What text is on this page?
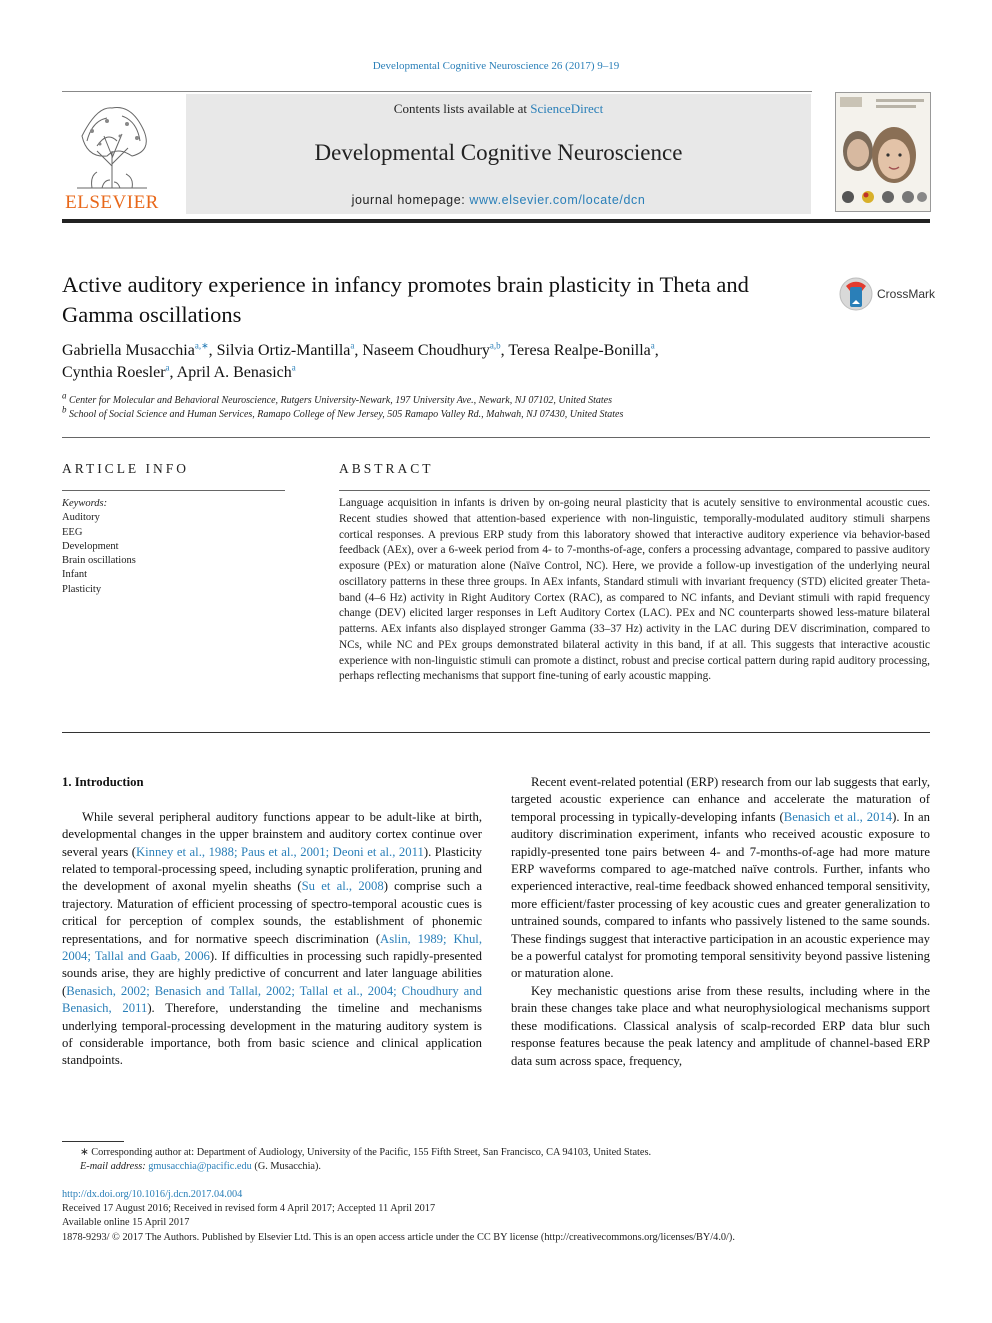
Developmental Cognitive Neuroscience 26 (2017) 9–19
ELSEVIER
Contents lists available at ScienceDirect
Developmental Cognitive Neuroscience
journal homepage: www.elsevier.com/locate/dcn
Active auditory experience in infancy promotes brain plasticity in Theta and Gamma oscillations
CrossMark
Gabriella Musacchia$^{a,∗}$, Silvia Ortiz-Mantilla$^a$, Naseem Choudhury$^{a,b}$, Teresa Realpe-Bonilla$^a$,
Cynthia Roesler$^a$, April A. Benasich$^a$
$^a$ Center for Molecular and Behavioral Neuroscience, Rutgers University-Newark, 197 University Ave., Newark, NJ 07102, United States
$^b$ School of Social Science and Human Services, Ramapo College of New Jersey, 505 Ramapo Valley Rd., Mahwah, NJ 07430, United States
ARTICLE INFO
Keywords:
Auditory
EEG
Development
Brain oscillations
Infant
Plasticity
ABSTRACT
Language acquisition in infants is driven by on-going neural plasticity that is acutely sensitive to environmental acoustic cues. Recent studies showed that attention-based experience with non-linguistic, temporally-modulated auditory stimuli sharpens cortical responses. A previous ERP study from this laboratory showed that interactive auditory experience via behavior-based feedback (AEx), over a 6-week period from 4- to 7-months-of-age, confers a processing advantage, compared to passive auditory exposure (PEx) or maturation alone (Naïve Control, NC). Here, we provide a follow-up investigation of the underlying neural oscillatory patterns in these three groups. In AEx infants, Standard stimuli with invariant frequency (STD) elicited greater Theta-band (4–6 Hz) activity in Right Auditory Cortex (RAC), as compared to NC infants, and Deviant stimuli with rapid frequency change (DEV) elicited larger responses in Left Auditory Cortex (LAC). PEx and NC counterparts showed less-mature bilateral patterns. AEx infants also displayed stronger Gamma (33–37 Hz) activity in the LAC during DEV discrimination, compared to NCs, while NC and PEx groups demonstrated bilateral activity in this band, if at all. This suggests that interactive acoustic experience with non-linguistic stimuli can promote a distinct, robust and precise cortical pattern during rapid auditory processing, perhaps reflecting mechanisms that support fine-tuning of early acoustic mapping.
1. Introduction

While several peripheral auditory functions appear to be adult-like at birth, developmental changes in the upper brainstem and auditory cortex continue over several years (Kinney et al., 1988; Paus et al., 2001; Deoni et al., 2011). Plasticity related to temporal-processing speed, including synaptic proliferation, pruning and the development of axonal myelin sheaths (Su et al., 2008) comprise such a trajectory. Maturation of efficient processing of spectro-temporal acoustic cues is critical for perception of complex sounds, the establishment of phonemic representations, and for normative speech discrimination (Aslin, 1989; Khul, 2004; Tallal and Gaab, 2006). If difficulties in processing such rapidly-presented sounds arise, they are highly predictive of concurrent and later language abilities (Benasich, 2002; Benasich and Tallal, 2002; Tallal et al., 2004; Choudhury and Benasich, 2011). Therefore, understanding the timeline and mechanisms underlying temporal-processing development in the maturing auditory system is of considerable importance, both from basic science and clinical application standpoints.

Recent event-related potential (ERP) research from our lab suggests that early, targeted acoustic experience can enhance and accelerate the maturation of temporal processing in typically-developing infants (Benasich et al., 2014). In an auditory discrimination experiment, infants who received acoustic exposure to rapidly-presented tone pairs between 4- and 7-months-of-age had more mature ERP waveforms compared to age-matched naïve controls. Further, infants who experienced interactive, real-time feedback showed enhanced temporal sensitivity, more efficient/faster processing of key acoustic cues and greater generalization to untrained sounds, compared to infants who passively listened to the same sounds. These findings suggest that interactive participation in an acoustic experience may be a powerful catalyst for promoting temporal sensitivity beyond passive listening or maturation alone.

Key mechanistic questions arise from these results, including where in the brain these changes take place and what neurophysiological mechanisms support these modifications. Classical analysis of scalp-recorded ERP data blur such response features because the peak latency and amplitude of channel-based ERP data sum across space, frequency,

∗ Corresponding author at: Department of Audiology, University of the Pacific, 155 Fifth Street, San Francisco, CA 94103, United States.
E-mail address: gmusacchia@pacific.edu (G. Musacchia).
http://dx.doi.org/10.1016/j.dcn.2017.04.004
Received 17 August 2016; Received in revised form 4 April 2017; Accepted 11 April 2017
Available online 15 April 2017
1878-9293/ © 2017 The Authors. Published by Elsevier Ltd. This is an open access article under the CC BY license (http://creativecommons.org/licenses/BY/4.0/).
